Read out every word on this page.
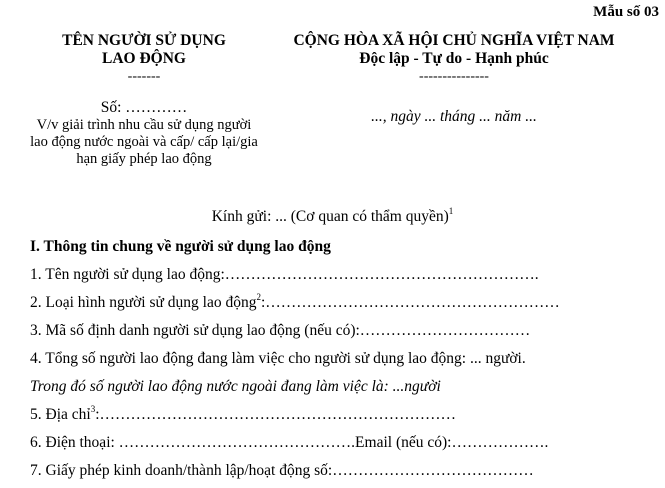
Mẫu số 03
TÊN NGƯỜI SỬ DỤNG
LAO ĐỘNG
-------
CỘNG HÒA XÃ HỘI CHỦ NGHĨA VIỆT NAM
Độc lập - Tự do - Hạnh phúc
---------------
Số: …………
V/v giải trình nhu cầu sử dụng người lao động nước ngoài và cấp/ cấp lại/gia hạn giấy phép lao động
..., ngày ... tháng ... năm ...
Kính gửi: ... (Cơ quan có thẩm quyền)$^1$
I. Thông tin chung về người sử dụng lao động
1. Tên người sử dụng lao động:…………………………………………………….
2. Loại hình người sử dụng lao động$^2$:…………………………………………………
3. Mã số định danh người sử dụng lao động (nếu có):……………………………
4. Tổng số người lao động đang làm việc cho người sử dụng lao động: ... người.
Trong đó số người lao động nước ngoài đang làm việc là: ...người
5. Địa chỉ$^3$:……………………………………………………………
6. Điện thoại: ……………………………………….Email (nếu có):……………….
7. Giấy phép kinh doanh/thành lập/hoạt động số:…………………………………
